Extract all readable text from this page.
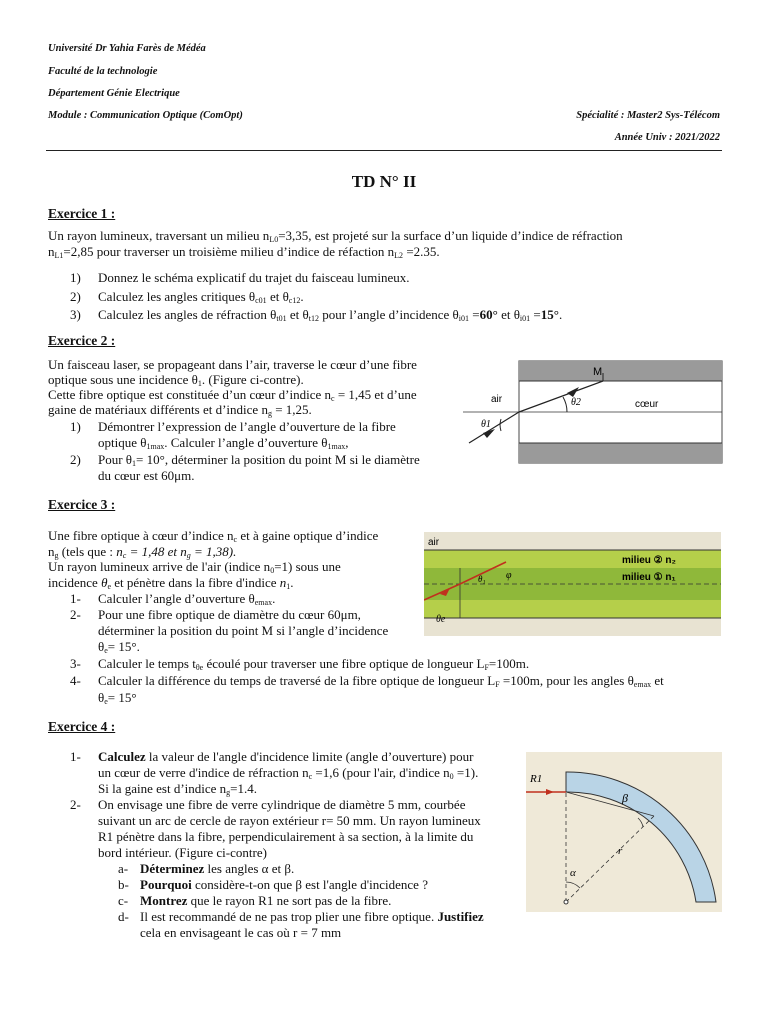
Université Dr Yahia Farès de Médéa
Faculté de la technologie
Département Génie Electrique
Module : Communication Optique (ComOpt)	Spécialité : Master2 Sys-Télécom
Année Univ : 2021/2022
TD N° II
Exercice 1 :

Un rayon lumineux, traversant un milieu $n_{L0}=3,35$, est projeté sur la surface d’un liquide d’indice de réfraction

$n_{L1}=2,85$ pour traverser un troisième milieu d’indice de réfaction $n_{L2} =2.35$.

1) Donnez le schéma explicatif du trajet du faisceau lumineux.

2) Calculez les angles critiques $\theta_{c01}$ et $\theta_{c12}$.

3) Calculez les angles de réfraction $\theta_{t01}$ et $\theta_{t12}$ pour l’angle d’incidence $\theta_{i01} =60^\circ$ et $\theta_{i01} =15^\circ$.

Exercice 2 :

Un faisceau laser, se propageant dans l’air, traverse le cœur d’une fibre

optique sous une incidence $\theta_1$. (Figure ci-contre).

Cette fibre optique est constituée d’un cœur d’indice $n_c = 1,45$ et d’une

gaine de matériaux différents et d’indice $n_g = 1,25$.

1) Démontrer l’expression de l’angle d’ouverture de la fibre

optique $\theta_{1max}$. Calculer l’angle d’ouverture $\theta_{1max}$,

2) Pour $\theta_1= 10^\circ$, déterminer la position du point M si le diamètre

du cœur est 60μm.

air	cœur
M
θ1
θ2
Exercice 3 :

Une fibre optique à cœur d’indice $n_c$ et à gaine optique d’indice

$n_g$ (tels que : $n_c = 1,48$ et $n_g = 1,38$).

Un rayon lumineux arrive de l'air (indice $n_0=1$) sous une

incidence $\theta_e$ et pénètre dans la fibre d'indice $n_1$.

1- Calculer l’angle d’ouverture $\theta_{emax}$.

2- Pour une fibre optique de diamètre du cœur 60μm,

déterminer la position du point M si l’angle d’incidence

$\theta_e= 15^\circ$.

3- Calculer le temps $t_{\theta e}$ écoulé pour traverser une fibre optique de longueur $L_F=100m$.

4- Calculer la différence du temps de traversé de la fibre optique de longueur $L_F =100m$, pour les angles $\theta_{emax}$ et

$\theta_e= 15^\circ$

air
milieu ② n₂
milieu ① n₁
φ
θe
θ₁
Exercice 4 :

1- Calculez la valeur de l'angle d'incidence limite (angle d’ouverture) pour

un cœur de verre d'indice de réfraction $n_c =1,6$ (pour l'air, d'indice $n_0 =1$).

Si la gaine est d’indice $n_g=1.4$.

2- On envisage une fibre de verre cylindrique de diamètre 5 mm, courbée

suivant un arc de cercle de rayon extérieur r= 50 mm. Un rayon lumineux

R1 pénètre dans la fibre, perpendiculairement à sa section, à la limite du

bord intérieur. (Figure ci-contre)

a- Déterminez les angles α et β.

b- Pourquoi considère-t-on que β est l'angle d'incidence ?

c- Montrez que le rayon R1 ne sort pas de la fibre.

d- Il est recommandé de ne pas trop plier une fibre optique. Justifiez

cela en envisageant le cas où r = 7 mm

R1
β
r
α
